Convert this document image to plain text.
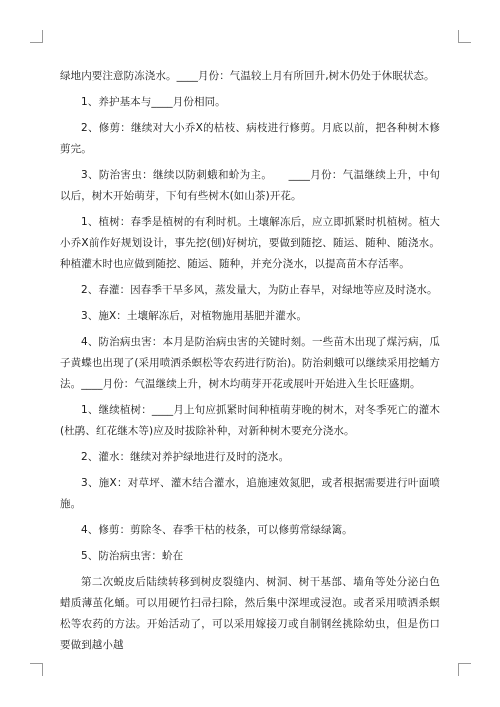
绿地内要注意防冻浇水。____月份：气温较上月有所回升,树木仍处于休眠状态。

1、养护基本与____月份相同。

2、修剪：继续对大小乔X的枯枝、病枝进行修剪。月底以前，把各种树木修剪完。

3、防治害虫：继续以防刺蛾和蚧为主。　　____月份：气温继续上升，中旬以后，树木开始萌芽，下旬有些树木(如山茶)开花。

1、植树：春季是植树的有利时机。土壤解冻后，应立即抓紧时机植树。植大小乔X前作好规划设计，事先挖(刨)好树坑，要做到随挖、随运、随种、随浇水。种植灌木时也应做到随挖、随运、随种，并充分浇水，以提高苗木存活率。

2、春灌：因春季干旱多风，蒸发量大，为防止春旱，对绿地等应及时浇水。

3、施X：土壤解冻后，对植物施用基肥并灌水。

4、防治病虫害：本月是防治病虫害的关键时刻。一些苗木出现了煤污病，瓜子黄蝶也出现了(采用喷洒杀螟松等农药进行防治)。防治刺蛾可以继续采用挖蛹方法。____月份：气温继续上升，树木均萌芽开花或展叶开始进入生长旺盛期。

1、继续植树：____月上旬应抓紧时间种植萌芽晚的树木，对冬季死亡的灌木(杜鹃、红花继木等)应及时拔除补种，对新种树木要充分浇水。

2、灌水：继续对养护绿地进行及时的浇水。

3、施X：对草坪、灌木结合灌水，追施速效氮肥，或者根据需要进行叶面喷施。

4、修剪：剪除冬、春季干枯的枝条，可以修剪常绿绿篱。

5、防治病虫害：蚧在

第二次蜕皮后陆续转移到树皮裂缝内、树洞、树干基部、墙角等处分泌白色蜡质薄茧化蛹。可以用硬竹扫帚扫除，然后集中深埋或浸泡。或者采用喷洒杀螟松等农药的方法。开始活动了，可以采用嫁接刀或自制钢丝挑除幼虫，但是伤口要做到越小越
